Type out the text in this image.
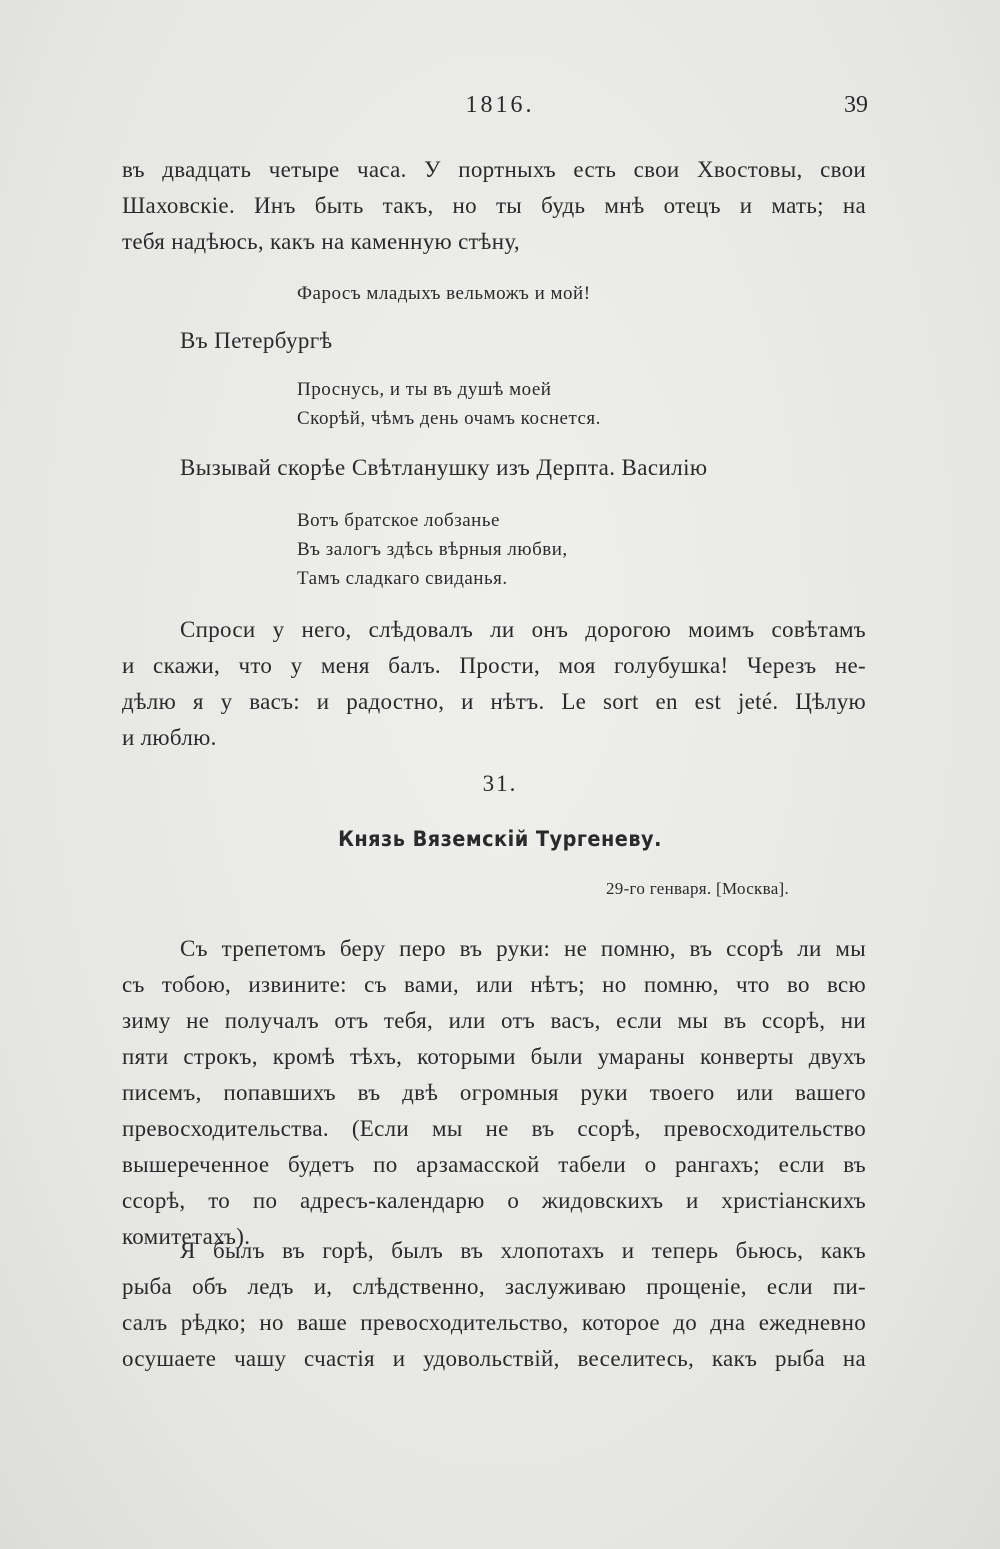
1816.	39

въ двадцать четыре часа. У портныхъ есть свои Хвостовы, свои

Шаховскіе. Инъ быть такъ, но ты будь мнѣ отецъ и мать; на

тебя надѣюсь, какъ на каменную стѣну,

Фаросъ младыхъ вельможъ и мой!

Въ Петербургѣ

Проснусь, и ты въ душѣ моей

Скорѣй, чѣмъ день очамъ коснется.

Вызывай скорѣе Свѣтланушку изъ Дерпта. Василію

Вотъ братское лобзанье

Въ залогъ здѣсь вѣрныя любви,

Тамъ сладкаго свиданья.

Спроси у него, слѣдовалъ ли онъ дорогою моимъ совѣтамъ

и скажи, что у меня балъ. Прости, моя голубушка! Черезъ не-

дѣлю я у васъ: и радостно, и нѣтъ. Le sort en est jeté. Цѣлую

и люблю.

31.
Князь Вяземскій Тургеневу.
29-го генваря. [Москва].

Съ трепетомъ беру перо въ руки: не помню, въ ссорѣ ли мы

съ тобою, извините: съ вами, или нѣтъ; но помню, что во всю

зиму не получалъ отъ тебя, или отъ васъ, если мы въ ссорѣ, ни

пяти строкъ, кромѣ тѣхъ, которыми были умараны конверты двухъ

писемъ, попавшихъ въ двѣ огромныя руки твоего или вашего

превосходительства. (Если мы не въ ссорѣ, превосходительство

вышереченное будетъ по арзамасской табели о рангахъ; если въ

ссорѣ, то по адресъ-календарю о жидовскихъ и христіанскихъ

комитетахъ).

Я былъ въ горѣ, былъ въ хлопотахъ и теперь бьюсь, какъ

рыба объ ледъ и, слѣдственно, заслуживаю прощеніе, если пи-

салъ рѣдко; но ваше превосходительство, которое до дна ежедневно

осушаете чашу счастія и удовольствій, веселитесь, какъ рыба на
